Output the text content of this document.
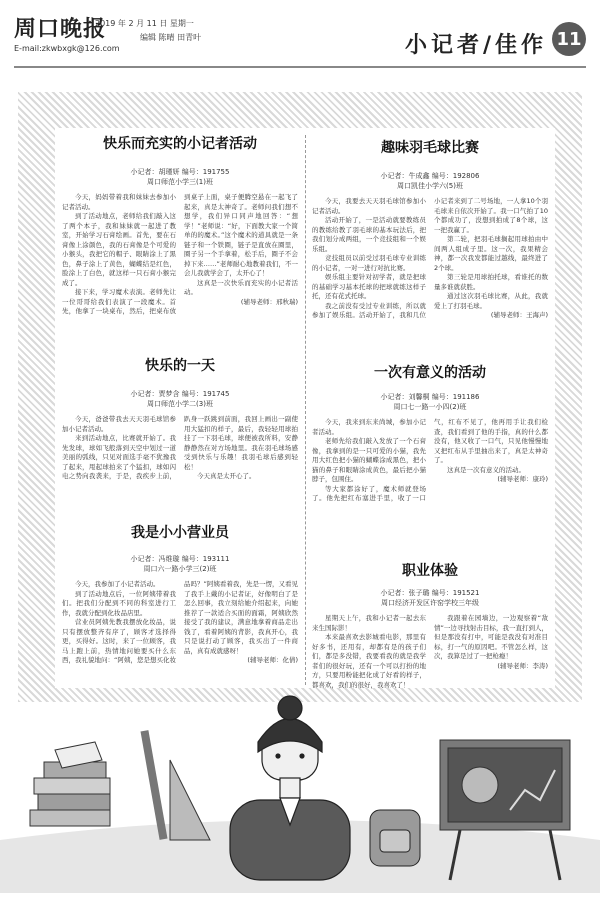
周口晚报
E-mail:zkwbxgk@126.com
2019 年 2 月 11 日 星期一
编辑 陈晴 田青叶	小记者/佳作 11
快乐而充实的小记者活动
小记者：胡瑾妍 编号：191755
周口师范小学三(1)班

今天，妈妈带着我和妹妹去参加小记者活动。

到了活动地点，老师给我们敲入这了两个本子，我和妹妹就一起进了教室，开始学习石膏绘画。首先，要在石膏像上涂颜色，我的石膏像是个可爱的小猴头，我把它的帽子、眼睛涂上了黑色，鼻子涂上了黄色，蝴蝶结是红色，脸涂上了白色，就这样一只石膏小猴完成了。

接下来，学习魔术表演。老师先让一位哥哥给我们表演了一段魔术。首先，他拿了一块桌布，然后，把桌布放到桌子上面，桌子便腾空悬在一起飞了起来，真是太神奇了。老师问我们想不想学，我们异口同声地回答：“想学！”老师说：“好，下面教大家一个简单的的魔术。”这个魔术的道具就是一条链子和一个铁圈，链子是直放在圈里，圈子另一个手拿着，松手后，圈子不会掉下来……”老师耐心地教着我们，不一会儿我就学会了，太开心了！

这真是一次快乐而充实的小记者活动。

(辅导老师：邢秋瑞)

趣味羽毛球比赛
小记者：牛成鑫 编号：192806
周口凯佳小学六(5)班

今天，我要去天天羽毛球馆参加小记者活动。

活动开始了，一是活动就要教练员的教练给教了羽毛球的基本玩法后，把我们划分成两组，一个竞技组和一个娱乐组。

竞技组员以前受过羽毛球专业训练的小记者，一对一进行对抗比赛。

娱乐组主要针对初学者，就是把球的基础学习基本托球的把球就练这样子托，还有花式托球。

我之前没有受过专业训练，所以就参加了娱乐组。活动开始了，我和几位小记者来到了二号场地，一人拿10个羽毛球来自依次开始了。我一口气拍了10个都成功了，没想到拍成了8个球，这一把我赢了。

第二轮，把羽毛球搁起用球拍由中间两人组成子里。这一次，我果精会神，都一次我发都能过越线，最终进了2个球。

第三轮是用球拍托球，看谁托的数量多谁就获胜。

通过这次羽毛球比赛，从此，我就爱上了打羽毛球。

(辅导老师：王海声)

快乐的一天
小记者：贾梦含 编号：191745
周口师范小学二(3)班

今天，爸爸带我去天天羽毛球馆参加小记者活动。

来到活动地点，比赛就开始了。我先发球，球如飞般落到天空中划过一道美丽的弧线，只见对面选手毫不犹豫我了起来，甩起球拍来了个猛扣，球如闪电之势向我袭来，于是，我疾步上前，趴身一跃跳到前面，我回上画出一副使用大猛扣的样子，最后，我轻轻用球拍挂了一下羽毛球，球便被我所料，安静静静然在对方场地里。我在羽毛球场感受到快乐与乐趣！我羽毛球后感到轻松！

今天真是太开心了。

一次有意义的活动
小记者：刘馨桐 编号：191186
周口七一路一小四(2)班

今天，我来到东来尚城，参加小记者活动。

老师先给我们敲入发放了一个石膏像，我拿到的是一只可爱的小猫，我先用大红色把小猫的蝴蝶涂成黑色，把小猫的鼻子和眼睛涂成黄色，最后把小猫脖子，包围住。

等大家都涂好了，魔术师就登场了。他先把红布塞进手里，收了一口气，红布不见了，他再用手让我们检查，我们看到了他的手指，真的什么都没有，他又收了一口气，只见他慢慢地又把红布从手里抽出来了，真是太神奇了。

这真是一次有意义的活动。

(辅导老师：康玲)

我是小小营业员
小记者：冯维璇 编号：193111
周口六一路小学三(2)班

今天，我参加了小记者活动。

到了活动地点后，一位阿姨带着我们。把我们分配到不同的科室进行工作，我就分配到化妆品店里。

营业员阿姨先教我摆放化妆品，说只有摆放整齐有序了，顾客才选择得更，买得好。这时，来了一位顾客，我马上跑上前，热情地问她要买什么东西，我礼貌地问：“阿姨，您是想买化妆品吗？”阿姨看着我，先是一愣，又看见了我手上戴的小记者证，好像明白了是怎么回事，我立刻给她介绍起来，向她推荐了一款适合买面的面霜，阿姨欣然接受了我的建议，满意地拿着商品走出钱了，看着阿姨的背影，我真开心，我只是说打动了顾客，我买出了一件商品，真有成就感呀！

(辅导老师：化倩)

职业体验
小记者：张子璐 编号：191521
周口经济开发区许窑学校三年级

星期天上午，我和小记者一起去东来生国际影！

本来最喜欢去影城看电影，那里有好多书，还用有，却都有是的孩子们们，都是多没错，我要看我的就是我学者们的很好玩，还有一个可以打扮的地方，只要用粉能把化成了好看的样子，都喜欢，我们的很好，我喜欢了！

我跟着在园墙边，一边观察着“敌情”一边寻找射击目标，我一直打到人，但是那没有打中，可能是我没有对准目标，打一气的原因吧。不管怎么样，这次，我算是过了一把枪瘾！

(辅导老师：李涛)
